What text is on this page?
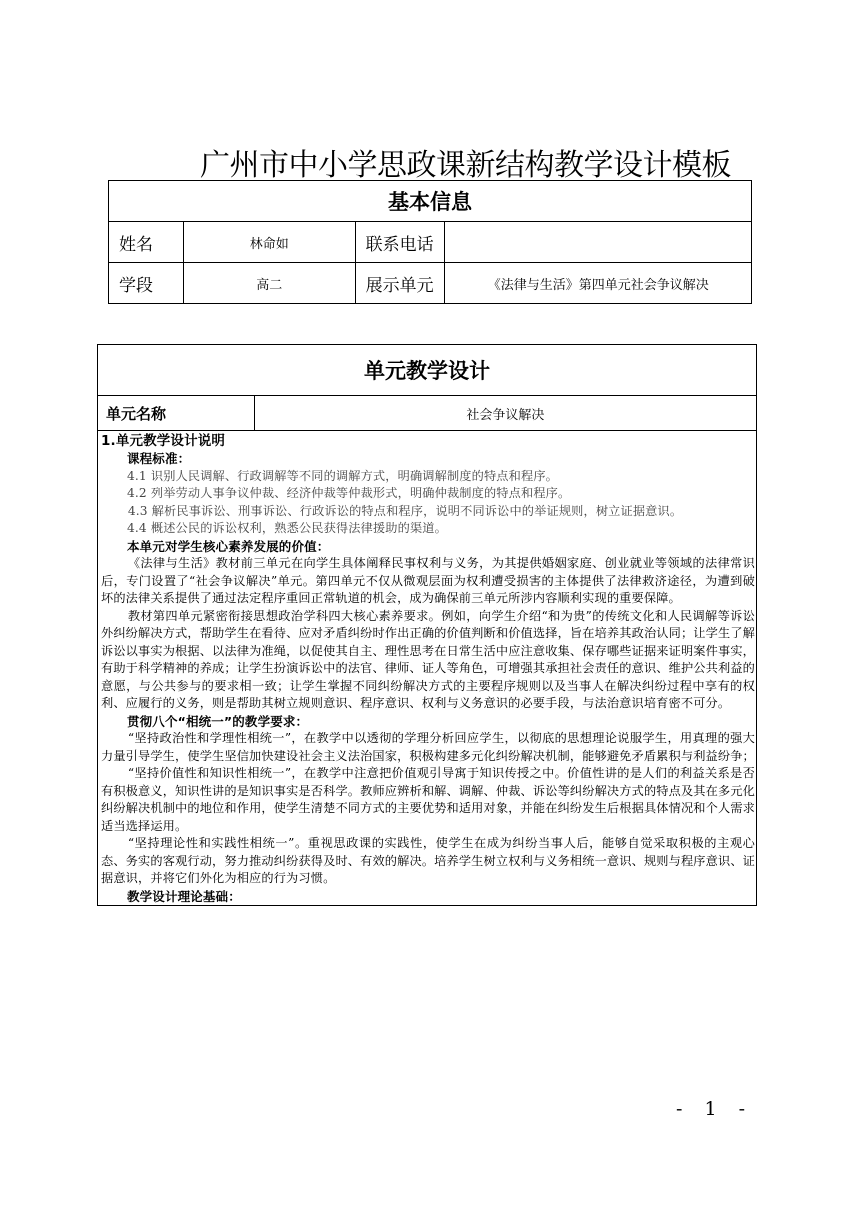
广州市中小学思政课新结构教学设计模板
基本信息			
姓名	林命如	联系电话	
学段	高二	展示单元	《法律与生活》第四单元社会争议解决
单元教学设计
单元名称	社会争议解决

1.单元教学设计说明

课程标准：

4.1 识别人民调解、行政调解等不同的调解方式，明确调解制度的特点和程序。

4.2 列举劳动人事争议仲裁、经济仲裁等仲裁形式，明确仲裁制度的特点和程序。

4.3 解析民事诉讼、刑事诉讼、行政诉讼的特点和程序，说明不同诉讼中的举证规则，树立证据意识。

4.4 概述公民的诉讼权利，熟悉公民获得法律援助的渠道。

本单元对学生核心素养发展的价值：

《法律与生活》教材前三单元在向学生具体阐释民事权利与义务，为其提供婚姻家庭、创业就业等领域的法律常识后，专门设置了“社会争议解决”单元。第四单元不仅从微观层面为权利遭受损害的主体提供了法律救济途径，为遭到破坏的法律关系提供了通过法定程序重回正常轨道的机会，成为确保前三单元所涉内容顺利实现的重要保障。

教材第四单元紧密衔接思想政治学科四大核心素养要求。例如，向学生介绍“和为贵”的传统文化和人民调解等诉讼外纠纷解决方式，帮助学生在看待、应对矛盾纠纷时作出正确的价值判断和价值选择，旨在培养其政治认同；让学生了解诉讼以事实为根据、以法律为准绳，以促使其自主、理性思考在日常生活中应注意收集、保存哪些证据来证明案件事实，有助于科学精神的养成；让学生扮演诉讼中的法官、律师、证人等角色，可增强其承担社会责任的意识、维护公共利益的意愿，与公共参与的要求相一致；让学生掌握不同纠纷解决方式的主要程序规则以及当事人在解决纠纷过程中享有的权利、应履行的义务，则是帮助其树立规则意识、程序意识、权利与义务意识的必要手段，与法治意识培育密不可分。

贯彻八个“相统一”的教学要求：

“坚持政治性和学理性相统一”，在教学中以透彻的学理分析回应学生，以彻底的思想理论说服学生，用真理的强大力量引导学生，使学生坚信加快建设社会主义法治国家，积极构建多元化纠纷解决机制，能够避免矛盾累积与利益纷争；

“坚持价值性和知识性相统一”，在教学中注意把价值观引导寓于知识传授之中。价值性讲的是人们的利益关系是否有积极意义，知识性讲的是知识事实是否科学。教师应辨析和解、调解、仲裁、诉讼等纠纷解决方式的特点及其在多元化纠纷解决机制中的地位和作用，使学生清楚不同方式的主要优势和适用对象，并能在纠纷发生后根据具体情况和个人需求适当选择运用。

“坚持理论性和实践性相统一”。重视思政课的实践性，使学生在成为纠纷当事人后，能够自觉采取积极的主观心态、务实的客观行动，努力推动纠纷获得及时、有效的解决。培养学生树立权利与义务相统一意识、规则与程序意识、证据意识，并将它们外化为相应的行为习惯。

教学设计理论基础：

- 1 -
